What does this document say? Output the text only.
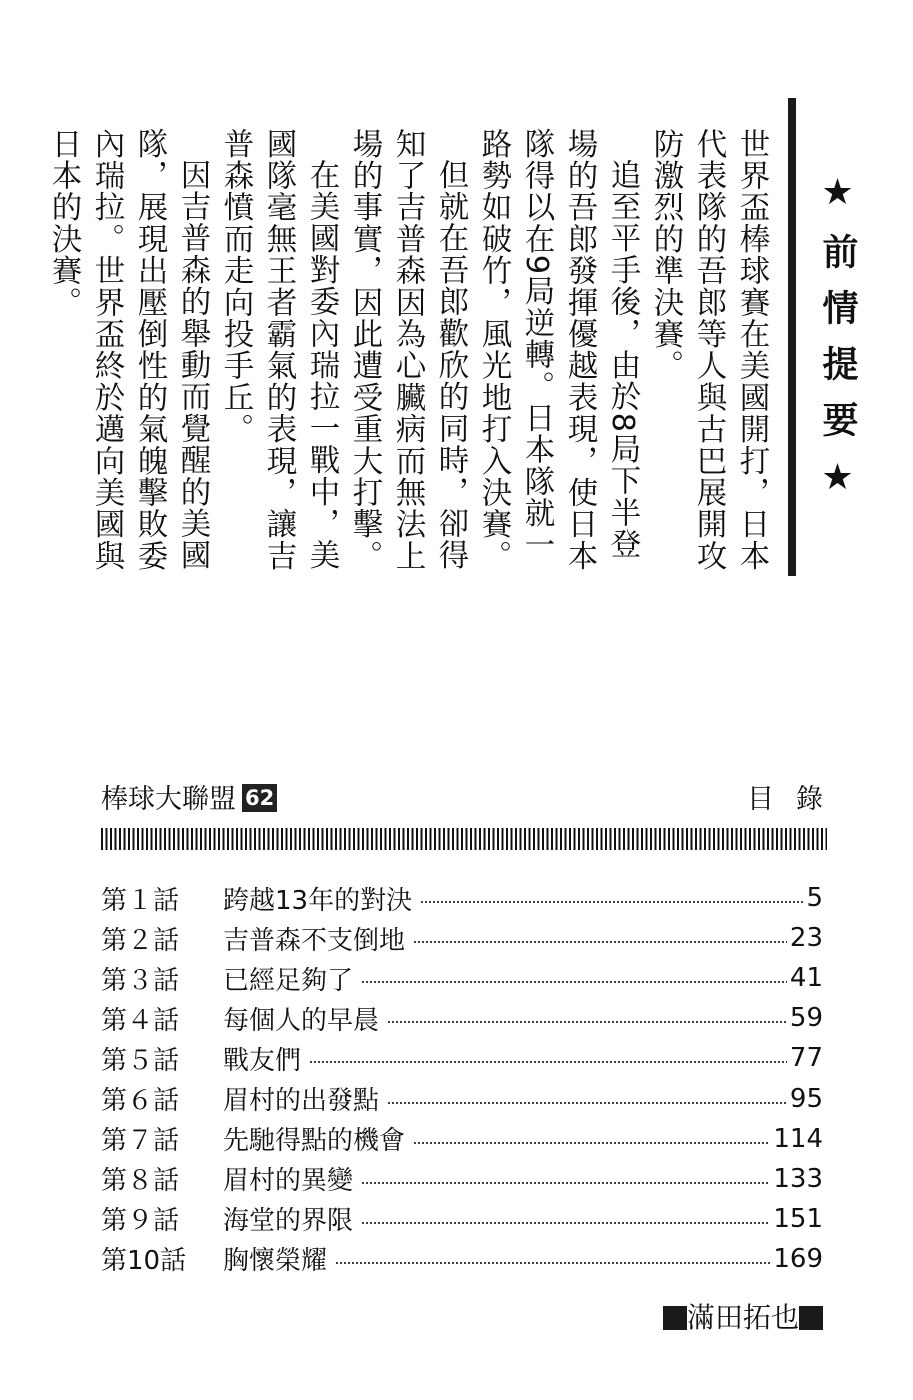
★前情提要★

世界盃棒球賽在美國開打，日本代表隊的吾郎等人與古巴展開攻防激烈的準決賽。

追至平手後，由於8局下半登場的吾郎發揮優越表現，使日本隊得以在9局逆轉。日本隊就一路勢如破竹，風光地打入決賽。

但就在吾郎歡欣的同時，卻得知了吉普森因為心臟病而無法上場的事實，因此遭受重大打擊。

在美國對委內瑞拉一戰中，美國隊毫無王者霸氣的表現，讓吉普森憤而走向投手丘。

因吉普森的舉動而覺醒的美國隊，展現出壓倒性的氣魄擊敗委內瑞拉。世界盃終於邁向美國與日本的決賽。

棒球大聯盟 62	目錄
第１話	跨越13年的對決	5
第２話	吉普森不支倒地	23
第３話	已經足夠了	41
第４話	每個人的早晨	59
第５話	戰友們	77
第６話	眉村的出發點	95
第７話	先馳得點的機會	114
第８話	眉村的異變	133
第９話	海堂的界限	151
第10話	胸懷榮耀	169
滿田拓也
